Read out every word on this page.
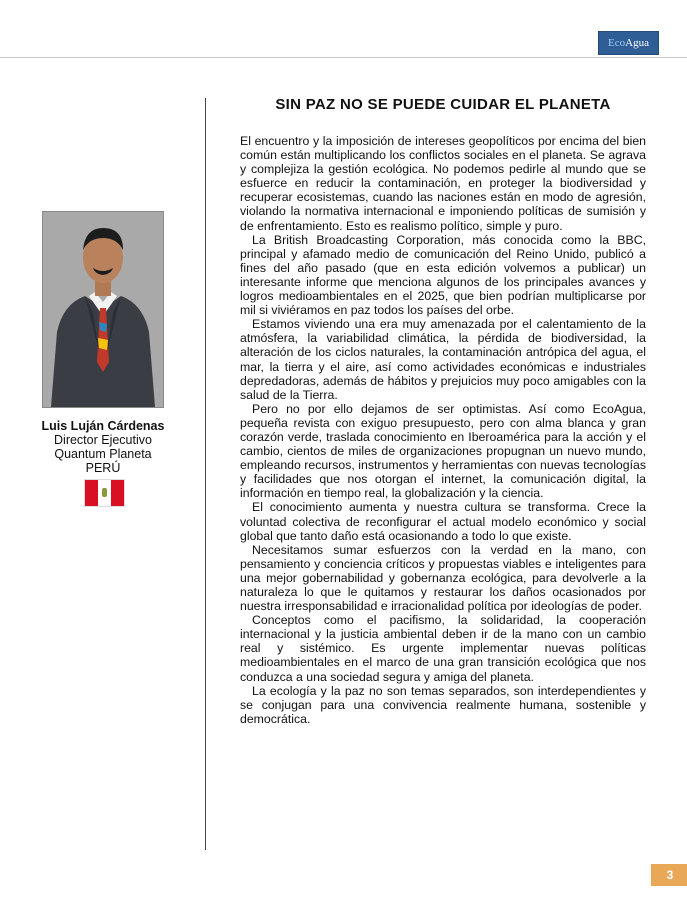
EcoAgua
Luis Luján Cárdenas
Director Ejecutivo
Quantum Planeta
PERÚ
SIN PAZ NO SE PUEDE CUIDAR EL PLANETA

El encuentro y la imposición de intereses geopolíticos por encima del bien común están multiplicando los conflictos sociales en el planeta. Se agrava y complejiza la gestión ecológica. No podemos pedirle al mundo que se esfuerce en reducir la contaminación, en proteger la biodiversidad y recuperar ecosistemas, cuando las naciones están en modo de agresión, violando la normativa internacional e imponiendo políticas de sumisión y de enfrentamiento. Esto es realismo político, simple y puro.

La British Broadcasting Corporation, más conocida como la BBC, principal y afamado medio de comunicación del Reino Unido, publicó a fines del año pasado (que en esta edición volvemos a publicar) un interesante informe que menciona algunos de los principales avances y logros medioambientales en el 2025, que bien podrían multiplicarse por mil si viviéramos en paz todos los países del orbe.

Estamos viviendo una era muy amenazada por el calentamiento de la atmósfera, la variabilidad climática, la pérdida de biodiversidad, la alteración de los ciclos naturales, la contaminación antrópica del agua, el mar, la tierra y el aire, así como actividades económicas e industriales depredadoras, además de hábitos y prejuicios muy poco amigables con la salud de la Tierra.

Pero no por ello dejamos de ser optimistas. Así como EcoAgua, pequeña revista con exiguo presupuesto, pero con alma blanca y gran corazón verde, traslada conocimiento en Iberoamérica para la acción y el cambio, cientos de miles de organizaciones propugnan un nuevo mundo, empleando recursos, instrumentos y herramientas con nuevas tecnologías y facilidades que nos otorgan el internet, la comunicación digital, la información en tiempo real, la globalización y la ciencia.

El conocimiento aumenta y nuestra cultura se transforma. Crece la voluntad colectiva de reconfigurar el actual modelo económico y social global que tanto daño está ocasionando a todo lo que existe.

Necesitamos sumar esfuerzos con la verdad en la mano, con pensamiento y conciencia críticos y propuestas viables e inteligentes para una mejor gobernabilidad y gobernanza ecológica, para devolverle a la naturaleza lo que le quitamos y restaurar los daños ocasionados por nuestra irresponsabilidad e irracionalidad política por ideologías de poder.

Conceptos como el pacifismo, la solidaridad, la cooperación internacional y la justicia ambiental deben ir de la mano con un cambio real y sistémico. Es urgente implementar nuevas políticas medioambientales en el marco de una gran transición ecológica que nos conduzca a una sociedad segura y amiga del planeta.

La ecología y la paz no son temas separados, son interdependientes y se conjugan para una convivencia realmente humana, sostenible y democrática.

3
